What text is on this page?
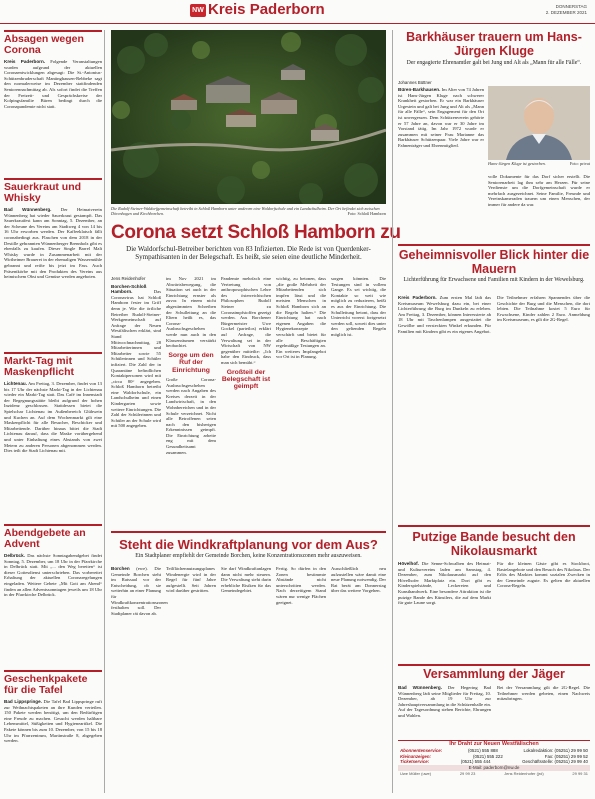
NW Kreis Paderborn	DONNERSTAG
2. DEZEMBER 2021
Absagen wegen Corona

Kreis Paderborn. Folgende Veranstaltungen wurden aufgrund der aktuellen Coronaentwicklungen abgesagt: Die St.-Antonius-Schützenbruderschaft Mantinghausen-Rebbeke sagt den normalerweise im Dezember stattfindenden Seniorennachmittag ab. Als sofort findet die Treffen der Freizeit- und Gesprächskreise der Kolpingsfamilie Büren bedingt durch die Coronapandemie nicht statt.

Sauerkraut und Whisky

Bad Wünnenberg. Der Heimatverein Wünnenberg hat wieder Sauerkraut gestampft. Das Sauerkrautfest kann am Sonntag, 5. Dezember, an der Scheune des Vereins am Stadtweg 4 von 14 bis 16 Uhr erworben werden. Der Kaffeeklatsch fällt coronabedingt aus. Flaschen von dem 2018 in der Destille gebrannten Wünnenberger Brennholz gibt es ebenfalls zu kaufen. Dieser Single Barrel Malt Whisky wurde in Zusammenarbeit mit der Wirtheimer Brauerei in der ehemaligen Wassermühle gebrannt und reifte bis jetzt im Fass. Auch Präsentkörbe mit den Produkten des Vereins aus heimischem Obst und Gemüse werden angeboten.

Markt-Tag mit Maskenpflicht

Lichtenau. Am Freitag, 3. Dezember, findet von 13 bis 17 Uhr der nächste Markt-Tag in der Lichtenau wieder ein Markt-Tag statt. Das Café im Innenstadt der Begegnungsstätte bleibt aufgrund der hohen Inzidenz geschlossen. Stattdessen bietet die Spielschar Lichtenau im Außenbereich Glühwein und Kuchen an. Auf dem Wochenmarkt gilt eine Maskenpflicht für alle Besucher, Beschicker und Mitarbeitende. Darüber hinaus bittet die Stadt Lichtenau darauf, dass die Maske vorübergehend und unter Einhaltung eines Abstands von zwei Metern zu anderen Personen abgenommen werden. Dies teilt die Stadt Lichtenau mit.

Abendgebete an Advent

Delbrück. Das nächste Sonntagabendgebet findet Sonntag, 5. Dezember, um 18 Uhr in der Pfarrkirche in Delbrück statt. Mit „... den Weg bereiten“ ist dieser Gottesdienst unterschrieben. Das vorbereitet Erhaltung der aktuellen Coronaregelungen eingeladen. Weitere Gebete „Mit Gott am Abend“ finden an allen Adventssonntagen jeweils um 18 Uhr in der Pfarrkirche Delbrück.

Geschenkpakete für die Tafel

Bad Lippspringe. Die Tafel Bad Lippspringe ruft zur Weihnachtspaketen an ihre Kunden verteilen. 150 Pakete werden benötigt, um den Bedürftigen eine Freude zu machen. Gesucht werden haltbare Lebensmittel, Süßigkeiten und Hygieneartikel. Die Pakete können bis zum 10. Dezember, von 15 bis 18 Uhr im Pfarrzentrum, Martinstraße 8, abgegeben werden.

Die Rudolf-Steiner-Waldorfgemeinschaft betreibt in Schloß Hamborn unter anderem eine Waldorfschule und ein Landschulheim. Der Ort befindet sich zwischen Dörenhagen und Kirchborchen.	Foto: Schloß Hamborn
Corona setzt Schloß Hamborn zu
Die Waldorfschul-Betreiber berichten von 83 Infizierten. Die Rede ist von Querdenker-Sympathisanten in der Belegschaft. Es heißt, sie seien eine deutliche Minderheit.

Jens Reidenhofer

Borchen-Schloß Hamborn.	Das Coronavirus hat Schloß Hamborn fester im Griff denn je. Wie die örtliche Betreiber Rudolf-Steiner-Werkgemeinschaft auf Anfrage der Neuen Westfälischen erklärt, sind Stand Mittwochnachmittag, 28 Mitarbeiterinnen und Mitarbeiter sowie 55 Schülerinnen und Schüler infiziert. Die Zahl der in Quarantäne befindlichen Kontaktpersonen wird mit „circa 80“ angegeben. Schloß Hamborn betreibt eine Waldorfschule, ein Landschulheim und einen Kindergarten sowie weitere Einrichtungen. Die Zahl der Schülerinnen und Schüler an der Schule wird mit 500 angegeben.

im Nov 2021 im Abwärtsbewegung, die Situation sei auch in der Einrichtung ernster als zuvor. In einem nicht abgestimmten Schreiben der Schulleitung an die Eltern heißt es, das Corona-Ausbruchsgeschehen werde nun auch in den Klassenräumen verstärkt beobachtet.

Sorge um den Ruf der Einrichtung

Große Corona-Ausbruchsgeschehen werden nach Angaben des Kreises derzeit in der Landwirtschaft, in den Wohnbereichen und in der Schule verzeichnet. Nicht alle Betroffenen seien nach den bisherigen Erkenntnissen geimpft. Die Einrichtung arbeite eng mit dem Gesundheitsamt zusammen.

Pandemie mehrfach eine Vertretung von anthroposophischen Lehre des österreichischen Philosophen Rudolf Steiner zu Coronaimpfstoffen gezeigt werden. Aus Borchener Bürgermeister Uwe Gockel (parteilos) erklärt auf Anfrage, die Verwaltung sei in der Wirtschaft von NW gegenüber mitteilte: „Ich habe den Eindruck, dass man sich bemüht.“

Großteil der Belegschaft ist geimpft

wichtig, zu betonen, dass „die große Mehrheit der Mitarbeitenden sich impfen lässt und die meisten Menschen in Schloß Hamborn sich an die Regeln halten.“ Die Einrichtung hat nach eigenen Angaben die Hygienekonzepte verschärft und bietet für alle Beschäftigten regelmäßige Testungen an. Ein weiteres Impfangebot vor Ort ist in Planung.

sorgen könnten. Die Testungen sind in vollem Gange. Es sei wichtig, die Kontakte so weit wie möglich zu reduzieren, heißt es aus der Einrichtung. Die Schulleitung betont, dass der Unterricht vorerst fortgesetzt werden soll, soweit dies unter den geltenden Regeln möglich ist.

Steht die Windkraftplanung vor dem Aus?
Ein Stadtplaner empfiehlt der Gemeinde Borchen, keine Konzentrationszonen mehr auszuweisen.

Borchen (ewe). Die Gemeinde Borchen steht im Ratssaal vor der Entscheidung, ob sie weiterhin an einer Planung für Windkraftkonzentrationszonen festhalten soll. Der Stadtplaner rät davon ab.

Teilflächennutzungsplanes Windenergie wird in der Regel für fünf Jahre aufgestellt. Seit Jahren wird darüber gestritten.

Sie darf Windkraftanlagen dann nicht mehr steuern. Die Verwaltung sieht darin erhebliche Risiken für das Gemeindegebiet.

Fertig. So dürfen in den Zonen bestimmte Abstände nicht unterschritten werden. Nach derzeitigem Stand wären nur wenige Flächen geeignet.

Ausschließlich neu aufzustellen wäre damit eine neue Planung notwendig. Der Rat berät am Donnerstag über das weitere Vorgehen.

Barkhäuser trauern um Hans-Jürgen Kluge
Der engagierte Ehrenamtler galt bei Jung und Alt als „Mann für alle Fälle“.
Johannes Büttner
Büren-Barkhausen. Im Alter von 74 Jahren ist Hans-Jürgen Kluge nach schwerer Krankheit gestorben. Er war ein Barkhäuser Urgestein und galt bei Jung und Alt als „Mann für alle Fälle“, sein Engagement für den Ort ist unvergessen. Dem Schützenverein gehörte er 57 Jahre an, davon war er 30 Jahre im Vorstand tätig. Im Jahr 1972 wurde er zusammen mit seiner Frau Marianne das Barkhäuser Schützenpaar. Viele Jahre war er Fahnenträger und Ehrenmitglied.
Hans-Jürgen Kluge ist gestorben.	Foto: privat
volle Dokumente für das Dorf sicher erstellt. Die Seniorenarbeit lag ihm sehr am Herzen. Für seine Verdienste um die Dorfgemeinschaft wurde er mehrfach ausgezeichnet. Seine Familie, Freunde und Vereinskameraden trauern um einen Menschen, der immer für andere da war.
Geheimnisvoller Blick hinter die Mauern
Lichterführung für Erwachsene und Familien mit Kindern in der Wewelsburg.
Kreis Paderborn. Zum ersten Mal lädt das Kreismuseum Wewelsburg dazu ein, bei einer Lichterführung die Burg im Dunkeln zu erleben. Am Freitag, 3. Dezember, können Interessierte ab 18 Uhr mit Taschenlampen ausgestattet die Gewölbe und versteckten Winkel erkunden. Für Familien mit Kindern gibt es ein eigenes Angebot.
Die Teilnehmer erfahren Spannendes über die Geschichte der Burg und die Menschen, die dort lebten. Die Teilnahme kostet 5 Euro für Erwachsene, Kinder zahlen 2 Euro. Anmeldung im Kreismuseum, es gilt die 2G-Regel.
Putzige Bande besucht den Nikolausmarkt
Hövelhof. Die Senne-Schwalben des Heimat- und Kulturvereins laden am Samstag, 4. Dezember, zum Nikolausmarkt auf den Hövelhofer Marktplatz ein. Dort gibt es Kinderspielstände, Leckereien und Kunsthandwerk. Eine besondere Attraktion ist die putzige Bande des Künstlers, die auf dem Markt für gute Laune sorgt.
Für die kleinen Gäste gibt es Stockbrot, Bastelangebote und den Besuch des Nikolaus. Der Erlös des Marktes kommt sozialen Zwecken in der Gemeinde zugute. Es gelten die aktuellen Corona-Regeln.
Versammlung der Jäger
Bad Wünnenberg. Der Hegering Bad Wünnenberg lädt seine Mitglieder für Freitag, 10. Dezember, ab 19 Uhr zur Jahreshauptversammlung in die Schützenhalle ein. Auf der Tagesordnung stehen Berichte, Ehrungen und Wahlen.
Bei der Versammlung gilt die 2G-Regel. Die Teilnehmer werden gebeten, einen Nachweis mitzubringen.
Ihr Draht zur Neuen Westfälischen
Abonnentenservice:	(0521) 555 888	Lokalredaktion: (05251) 29 99 50
Kleinanzeigen:	(0521) 555 222	Fax: (05251) 29 99 52
Ticketservice:	(0521) 555 444	Geschäftsstelle: (05251) 29 99 40
E-Mail: paderborn@nw.de
Uwe Müller (uwe)	29 99 23	Jens Reidenhofer (jrd)	29 99 31
